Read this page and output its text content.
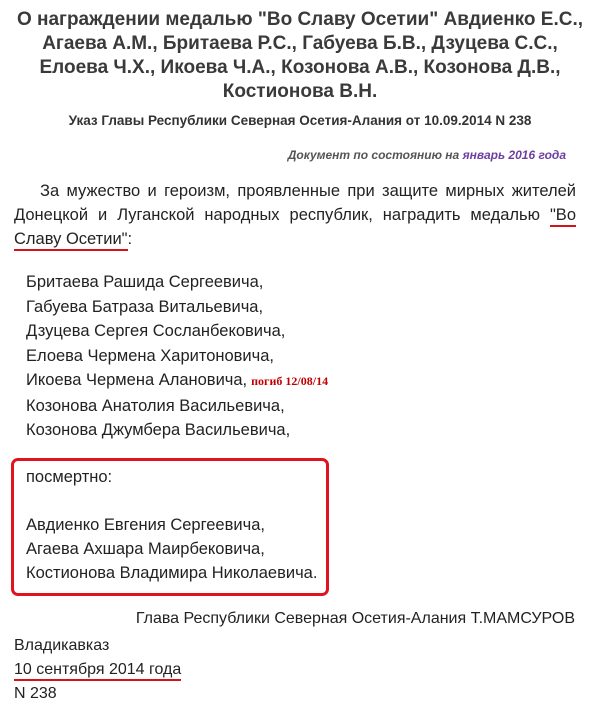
О награждении медалью "Во Славу Осетии" Авдиенко Е.С., Агаева А.М., Бритаева Р.С., Габуева Б.В., Дзуцева С.С., Елоева Ч.Х., Икоева Ч.А., Козонова А.В., Козонова Д.В., Костионова В.Н.
Указ Главы Республики Северная Осетия-Алания от 10.09.2014 N 238
Документ по состоянию на январь 2016 года
За мужество и героизм, проявленные при защите мирных жителей Донецкой и Луганской народных республик, наградить медалью "Во Славу Осетии":
Бритаева Рашида Сергеевича,
Габуева Батраза Витальевича,
Дзуцева Сергея Сосланбековича,
Елоева Чермена Харитоновича,
Икоева Чермена Алановича, погиб 12/08/14
Козонова Анатолия Васильевича,
Козонова Джумбера Васильевича,
посмертно:
Авдиенко Евгения Сергеевича,
Агаева Ахшара Маирбековича,
Костионова Владимира Николаевича.
Глава Республики Северная Осетия-Алания Т.МАМСУРОВ
Владикавказ
10 сентября 2014 года
N 238
